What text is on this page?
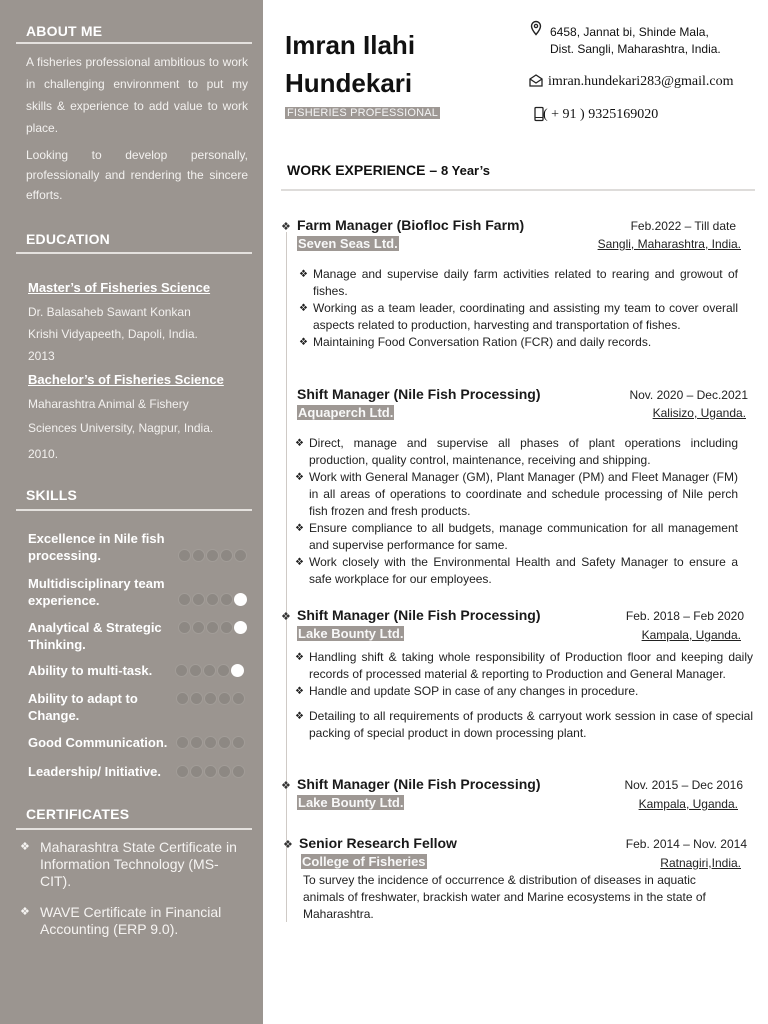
ABOUT ME
A fisheries professional ambitious to work in challenging environment to put my skills & experience to add value to work place.
Looking to develop personally, professionally and rendering the sincere efforts.
EDUCATION
Master’s of Fisheries Science
Dr. Balasaheb Sawant Konkan
Krishi Vidyapeeth, Dapoli, India.
2013
Bachelor’s of Fisheries Science
Maharashtra Animal & Fishery
Sciences University, Nagpur, India.
2010.
SKILLS
Excellence in Nile fish processing.
Multidisciplinary team experience.
Analytical & Strategic Thinking.
Ability to multi-task.
Ability to adapt to Change.
Good Communication.
Leadership/ Initiative.
CERTIFICATES
❖ Maharashtra State Certificate in Information Technology (MS-CIT).
❖ WAVE Certificate in Financial Accounting (ERP 9.0).
Imran Ilahi
Hundekari
FISHERIES PROFESSIONAL
6458, Jannat bi, Shinde Mala,
Dist. Sangli, Maharashtra, India.
imran.hundekari283@gmail.com
( + 91 ) 9325169020
WORK EXPERIENCE – 8 Year’s
❖ Farm Manager (Biofloc Fish Farm)	Feb.2022 – Till date
Seven Seas Ltd.	Sangli, Maharashtra, India.
❖ Manage and supervise daily farm activities related to rearing and growout of fishes.
❖ Working as a team leader, coordinating and assisting my team to cover overall aspects related to production, harvesting and transportation of fishes.
❖ Maintaining Food Conversation Ration (FCR) and daily records.
Shift Manager (Nile Fish Processing)	Nov. 2020 – Dec.2021
Aquaperch Ltd.	Kalisizo, Uganda.
❖ Direct, manage and supervise all phases of plant operations including production, quality control, maintenance, receiving and shipping.
❖ Work with General Manager (GM), Plant Manager (PM) and Fleet Manager (FM) in all areas of operations to coordinate and schedule processing of Nile perch fish frozen and fresh products.
❖ Ensure compliance to all budgets, manage communication for all management and supervise performance for same.
❖ Work closely with the Environmental Health and Safety Manager to ensure a safe workplace for our employees.
❖ Shift Manager (Nile Fish Processing)	Feb. 2018 – Feb 2020
Lake Bounty Ltd.	Kampala, Uganda.
❖ Handling shift & taking whole responsibility of Production floor and keeping daily records of processed material & reporting to Production and General Manager.
❖ Handle and update SOP in case of any changes in procedure.
❖ Detailing to all requirements of products & carryout work session in case of special packing of special product in down processing plant.
❖ Shift Manager (Nile Fish Processing)	Nov. 2015 – Dec 2016
Lake Bounty Ltd.	Kampala, Uganda.
❖ Senior Research Fellow	Feb. 2014 – Nov. 2014
College of Fisheries	Ratnagiri,India.
To survey the incidence of occurrence & distribution of diseases in aquatic animals of freshwater, brackish water and Marine ecosystems in the state of Maharashtra.
